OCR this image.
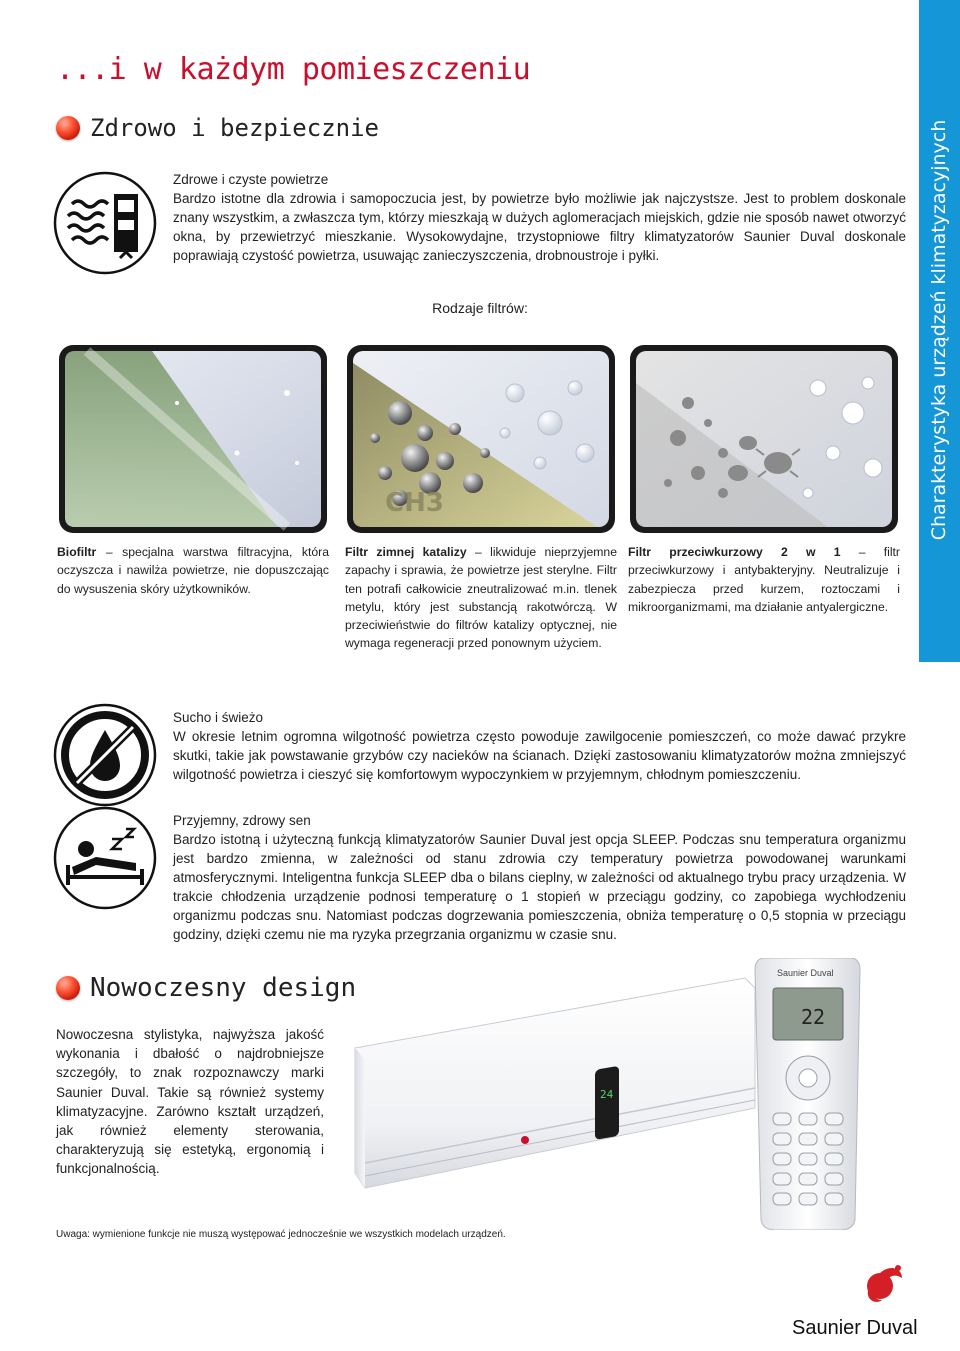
...i w każdym pomieszczeniu
Charakterystyka urządzeń klimatyzacyjnych
Zdrowo i bezpiecznie
Zdrowe i czyste powietrze
Bardzo istotne dla zdrowia i samopoczucia jest, by powietrze było możliwie jak najczystsze. Jest to problem doskonale znany wszystkim, a zwłaszcza tym, którzy mieszkają w dużych aglomeracjach miejskich, gdzie nie sposób nawet otworzyć okna, by przewietrzyć mieszkanie. Wysokowydajne, trzystopniowe filtry klimatyzatorów Saunier Duval doskonale poprawiają czystość powietrza, usuwając zanieczyszczenia, drobnoustroje i pyłki.
Rodzaje filtrów:
CH3
Biofiltr – specjalna warstwa filtracyjna, która oczyszcza i nawilża powietrze, nie dopuszczając do wysuszenia skóry użytkowników.
Filtr zimnej katalizy – likwiduje nieprzyjemne zapachy i sprawia, że powietrze jest sterylne. Filtr ten potrafi całkowicie zneutralizować m.in. tlenek metylu, który jest substancją rakotwórczą. W przeciwieństwie do filtrów katalizy optycznej, nie wymaga regeneracji przed ponownym użyciem.
Filtr przeciwkurzowy 2 w 1 – filtr przeciwkurzowy i antybakteryjny. Neutralizuje i zabezpiecza przed kurzem, roztoczami i mikroorganizmami, ma działanie antyalergiczne.
Sucho i świeżo
W okresie letnim ogromna wilgotność powietrza często powoduje zawilgocenie pomieszczeń, co może dawać przykre skutki, takie jak powstawanie grzybów czy nacieków na ścianach. Dzięki zastosowaniu klimatyzatorów można zmniejszyć wilgotność powietrza i cieszyć się komfortowym wypoczynkiem w przyjemnym, chłodnym pomieszczeniu.
Przyjemny, zdrowy sen
Bardzo istotną i użyteczną funkcją klimatyzatorów Saunier Duval jest opcja SLEEP. Podczas snu temperatura organizmu jest bardzo zmienna, w zależności od stanu zdrowia czy temperatury powietrza powodowanej warunkami atmosferycznymi. Inteligentna funkcja SLEEP dba o bilans cieplny, w zależności od aktualnego trybu pracy urządzenia. W trakcie chłodzenia urządzenie podnosi temperaturę o 1 stopień w przeciągu godziny, co zapobiega wychłodzeniu organizmu podczas snu. Natomiast podczas dogrzewania pomieszczenia, obniża temperaturę o 0,5 stopnia w przeciągu godziny, dzięki czemu nie ma ryzyka przegrzania organizmu w czasie snu.
Nowoczesny design
Nowoczesna stylistyka, najwyższa jakość wykonania i dbałość o najdrobniejsze szczegóły, to znak rozpoznawczy marki Saunier Duval. Takie są również systemy klimatyzacyjne. Zarówno kształt urządzeń, jak również elementy sterowania, charakteryzują się estetyką, ergonomią i funkcjonalnością.
24
Saunier Duval
22
Uwaga: wymienione funkcje nie muszą występować jednocześnie we wszystkich modelach urządzeń.
Saunier Duval
